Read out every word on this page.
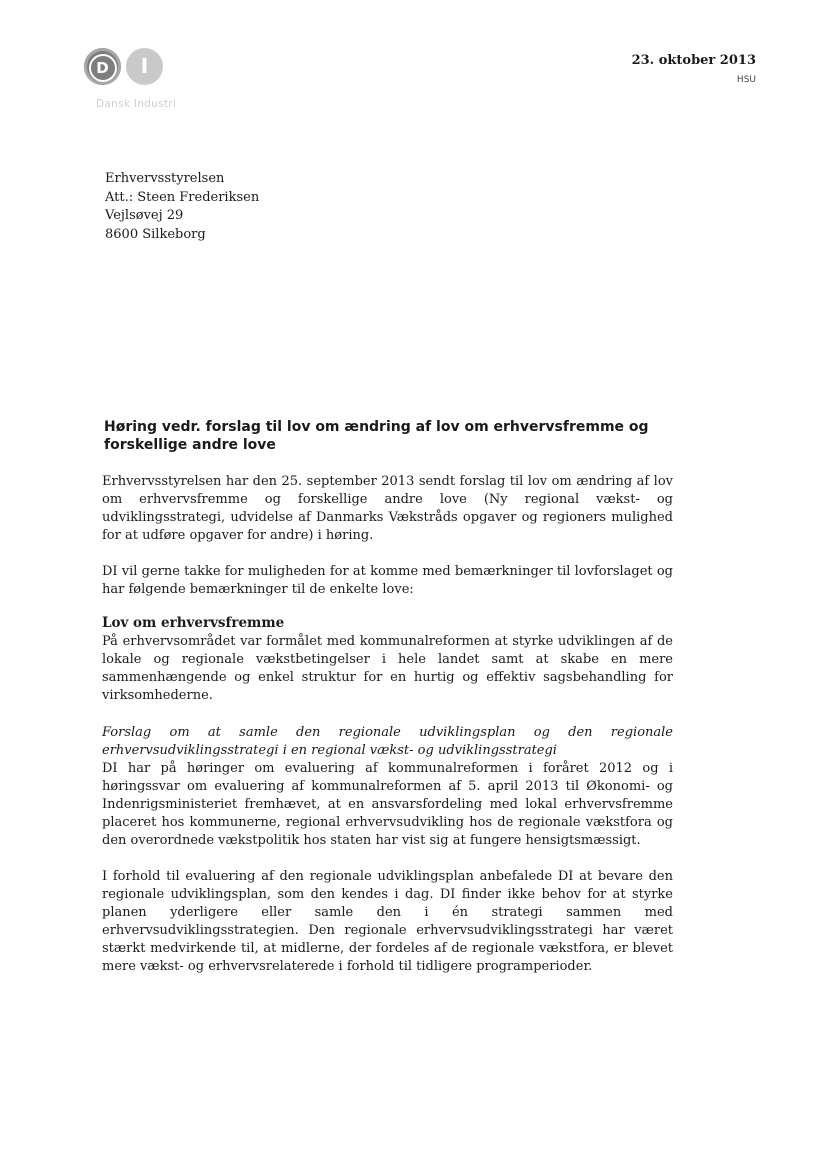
D	I
Dansk Industri
23. oktober 2013
HSU
Erhvervsstyrelsen
Att.: Steen Frederiksen
Vejlsøvej 29
8600 Silkeborg
Høring vedr. forslag til lov om ændring af lov om erhvervsfremme og forskellige andre love
Erhvervsstyrelsen har den 25. september 2013 sendt forslag til lov om ændring af lov om erhvervsfremme og forskellige andre love (Ny regional vækst- og udviklingsstrategi, udvidelse af Danmarks Vækstråds opgaver og regioners mulighed for at udføre opgaver for andre) i høring.
DI vil gerne takke for muligheden for at komme med bemærkninger til lovforslaget og har følgende bemærkninger til de enkelte love:
Lov om erhvervsfremme
På erhvervsområdet var formålet med kommunalreformen at styrke udviklingen af de lokale og regionale vækstbetingelser i hele landet samt at skabe en mere sammenhængende og enkel struktur for en hurtig og effektiv sagsbehandling for virksomhederne.
Forslag om at samle den regionale udviklingsplan og den regionale erhvervsudviklingsstrategi i en regional vækst- og udviklingsstrategi
DI har på høringer om evaluering af kommunalreformen i foråret 2012 og i høringssvar om evaluering af kommunalreformen af 5. april 2013 til Økonomi- og Indenrigsministeriet fremhævet, at en ansvarsfordeling med lokal erhvervsfremme placeret hos kommunerne, regional erhvervsudvikling hos de regionale vækstfora og den overordnede vækstpolitik hos staten har vist sig at fungere hensigtsmæssigt.
I forhold til evaluering af den regionale udviklingsplan anbefalede DI at bevare den regionale udviklingsplan, som den kendes i dag. DI finder ikke behov for at styrke planen yderligere eller samle den i én strategi sammen med erhvervsudviklingsstrategien. Den regionale erhvervsudviklingsstrategi har været stærkt medvirkende til, at midlerne, der fordeles af de regionale vækstfora, er blevet mere vækst- og erhvervsrelaterede i forhold til tidligere programperioder.
